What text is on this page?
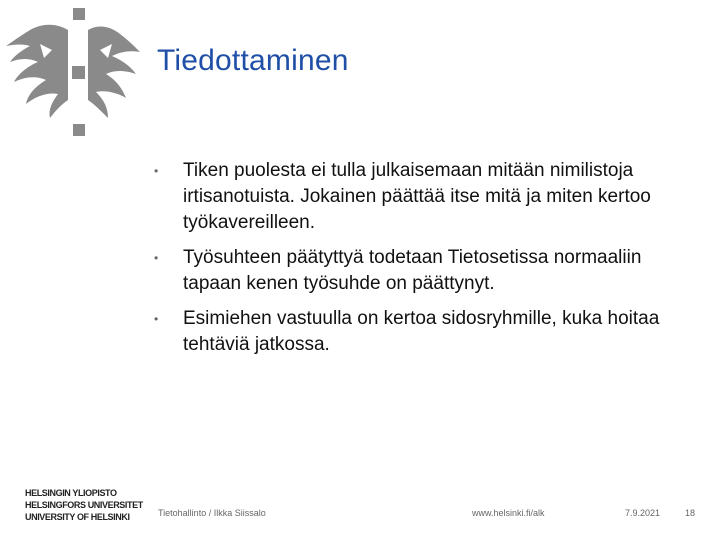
Tiedottaminen
• Tiken puolesta ei tulla julkaisemaan mitään nimilistoja irtisanotuista. Jokainen päättää itse mitä ja miten kertoo työkavereilleen.
• Työsuhteen päätyttyä todetaan Tietosetissa normaaliin tapaan kenen työsuhde on päättynyt.
• Esimiehen vastuulla on kertoa sidosryhmille, kuka hoitaa tehtäviä jatkossa.
HELSINGIN YLIOPISTO
HELSINGFORS UNIVERSITET
UNIVERSITY OF HELSINKI	Tietohallinto / Ilkka Siissalo	www.helsinki.fi/alk	7.9.2021	18
